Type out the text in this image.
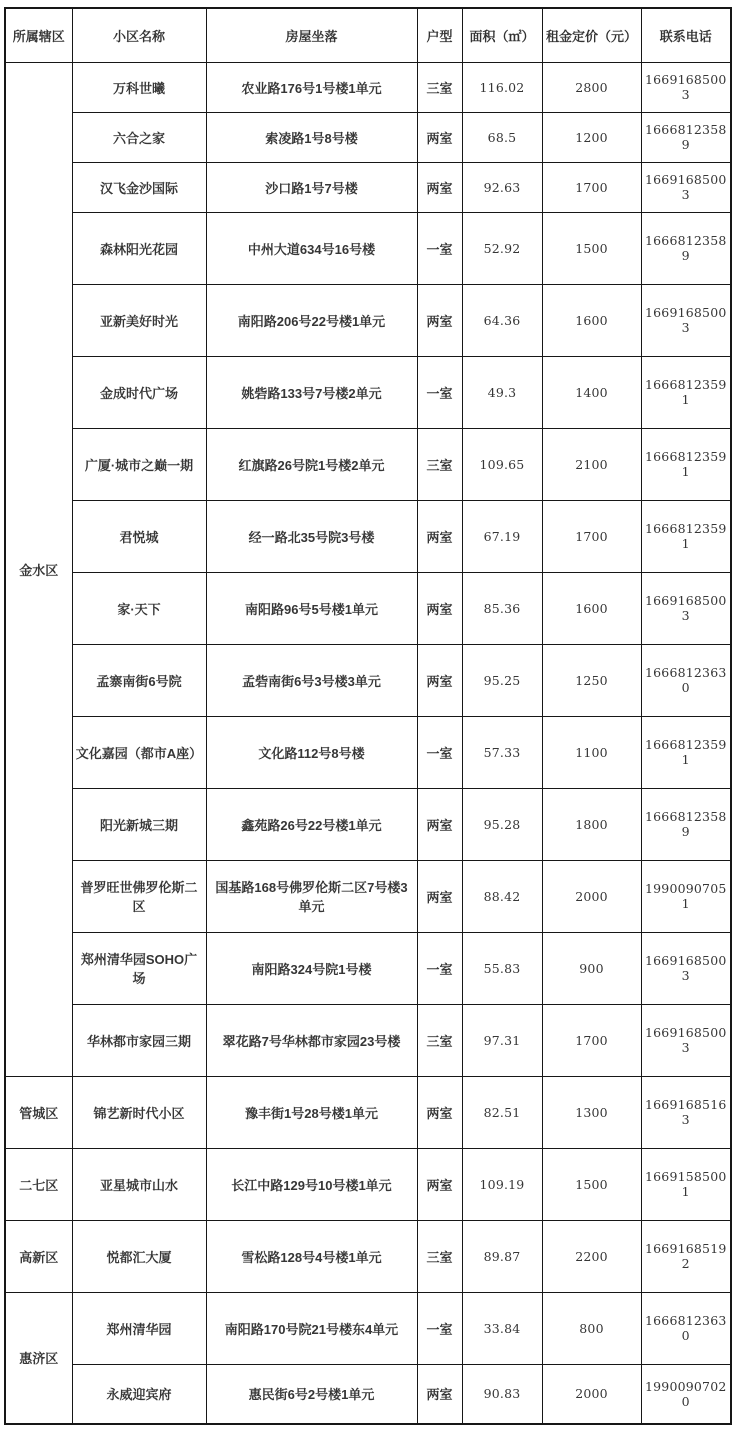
所属辖区	小区名称	房屋坐落	户型	面积（㎡）	租金定价（元）	联系电话
金水区	万科世曦	农业路176号1号楼1单元	三室	116.02	2800	16691685003
	六合之家	索凌路1号8号楼	两室	68.5	1200	16668123589
	汉飞金沙国际	沙口路1号7号楼	两室	92.63	1700	16691685003
	森林阳光花园	中州大道634号16号楼	一室	52.92	1500	16668123589
	亚新美好时光	南阳路206号22号楼1单元	两室	64.36	1600	16691685003
	金成时代广场	姚砦路133号7号楼2单元	一室	49.3	1400	16668123591
	广厦·城市之巅一期	红旗路26号院1号楼2单元	三室	109.65	2100	16668123591
	君悦城	经一路北35号院3号楼	两室	67.19	1700	16668123591
	家·天下	南阳路96号5号楼1单元	两室	85.36	1600	16691685003
	孟寨南街6号院	孟砦南街6号3号楼3单元	两室	95.25	1250	16668123630
	文化嘉园（都市A座）	文化路112号8号楼	一室	57.33	1100	16668123591
	阳光新城三期	鑫苑路26号22号楼1单元	两室	95.28	1800	16668123589
	普罗旺世佛罗伦斯二区	国基路168号佛罗伦斯二区7号楼3单元	两室	88.42	2000	19900907051
	郑州清华园SOHO广场	南阳路324号院1号楼	一室	55.83	900	16691685003
	华林都市家园三期	翠花路7号华林都市家园23号楼	三室	97.31	1700	16691685003
管城区	锦艺新时代小区	豫丰街1号28号楼1单元	两室	82.51	1300	16691685163
二七区	亚星城市山水	长江中路129号10号楼1单元	两室	109.19	1500	16691585001
高新区	悦都汇大厦	雪松路128号4号楼1单元	三室	89.87	2200	16691685192
惠济区	郑州清华园	南阳路170号院21号楼东4单元	一室	33.84	800	16668123630
	永威迎宾府	惠民街6号2号楼1单元	两室	90.83	2000	19900907020
